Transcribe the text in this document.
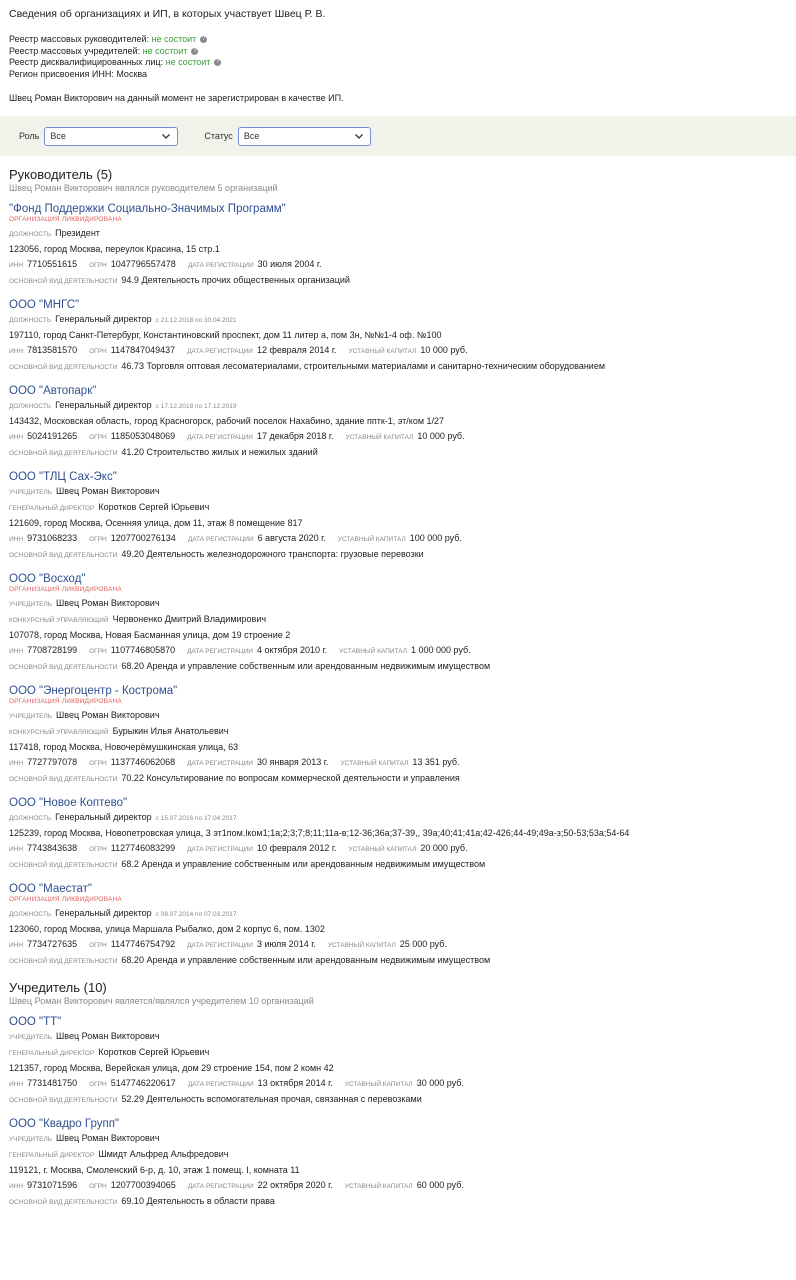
Сведения об организациях и ИП, в которых участвует Швец Р. В.
Реестр массовых руководителей: не состоит ?
Реестр массовых учредителей: не состоит ?
Реестр дисквалифицированных лиц: не состоит ?
Регион присвоения ИНН: Москва
Швец Роман Викторович на данный момент не зарегистрирован в качестве ИП.
Роль	Все	Статус	Все
Руководитель (5)
Швец Роман Викторович являлся руководителем 5 организаций
"Фонд Поддержки Социально-Значимых Программ"
ОРГАНИЗАЦИЯ ЛИКВИДИРОВАНА
ДОЛЖНОСТЬ Президент
123056, город Москва, переулок Красина, 15 стр.1
ИНН 7710551615 ОГРН 1047796557478 ДАТА РЕГИСТРАЦИИ 30 июля 2004 г.
ОСНОВНОЙ ВИД ДЕЯТЕЛЬНОСТИ 94.9 Деятельность прочих общественных организаций
ООО "МНГС"
ДОЛЖНОСТЬ Генеральный директор с 21.12.2018 по 30.04.2021
197110, город Санкт-Петербург, Константиновский проспект, дом 11 литер а, пом 3н, №№1-4 оф. №100
ИНН 7813581570 ОГРН 1147847049437 ДАТА РЕГИСТРАЦИИ 12 февраля 2014 г. УСТАВНЫЙ КАПИТАЛ 10 000 руб.
ОСНОВНОЙ ВИД ДЕЯТЕЛЬНОСТИ 46.73 Торговля оптовая лесоматериалами, строительными материалами и санитарно-техническим оборудованием
ООО "Автопарк"
ДОЛЖНОСТЬ Генеральный директор с 17.12.2018 по 17.12.2019
143432, Московская область, город Красногорск, рабочий поселок Нахабино, здание пптк-1, эт/ком 1/27
ИНН 5024191265 ОГРН 1185053048069 ДАТА РЕГИСТРАЦИИ 17 декабря 2018 г. УСТАВНЫЙ КАПИТАЛ 10 000 руб.
ОСНОВНОЙ ВИД ДЕЯТЕЛЬНОСТИ 41.20 Строительство жилых и нежилых зданий
ООО "ТЛЦ Сах-Экс"
УЧРЕДИТЕЛЬ Швец Роман Викторович
ГЕНЕРАЛЬНЫЙ ДИРЕКТОР Коротков Сергей Юрьевич
121609, город Москва, Осенняя улица, дом 11, этаж 8 помещение 817
ИНН 9731068233 ОГРН 1207700276134 ДАТА РЕГИСТРАЦИИ 6 августа 2020 г. УСТАВНЫЙ КАПИТАЛ 100 000 руб.
ОСНОВНОЙ ВИД ДЕЯТЕЛЬНОСТИ 49.20 Деятельность железнодорожного транспорта: грузовые перевозки
ООО "Восход"
ОРГАНИЗАЦИЯ ЛИКВИДИРОВАНА
УЧРЕДИТЕЛЬ Швец Роман Викторович
КОНКУРСНЫЙ УПРАВЛЯЮЩИЙ Червоненко Дмитрий Владимирович
107078, город Москва, Новая Басманная улица, дом 19 строение 2
ИНН 7708728199 ОГРН 1107746805870 ДАТА РЕГИСТРАЦИИ 4 октября 2010 г. УСТАВНЫЙ КАПИТАЛ 1 000 000 руб.
ОСНОВНОЙ ВИД ДЕЯТЕЛЬНОСТИ 68.20 Аренда и управление собственным или арендованным недвижимым имуществом
ООО "Энергоцентр - Кострома"
ОРГАНИЗАЦИЯ ЛИКВИДИРОВАНА
УЧРЕДИТЕЛЬ Швец Роман Викторович
КОНКУРСНЫЙ УПРАВЛЯЮЩИЙ Бурыкин Илья Анатольевич
117418, город Москва, Новочерёмушкинская улица, 63
ИНН 7727797078 ОГРН 1137746062068 ДАТА РЕГИСТРАЦИИ 30 января 2013 г. УСТАВНЫЙ КАПИТАЛ 13 351 руб.
ОСНОВНОЙ ВИД ДЕЯТЕЛЬНОСТИ 70.22 Консультирование по вопросам коммерческой деятельности и управления
ООО "Новое Коптево"
ДОЛЖНОСТЬ Генеральный директор с 15.07.2016 по 17.04.2017
125239, город Москва, Новопетровская улица, 3 эт1пом.lком1;1а;2;3;7;8;11;11а-в;12-36;36а;37-39,, 39а;40;41;41а;42-426;44-49;49а-з;50-53;53а;54-64
ИНН 7743843638 ОГРН 1127746083299 ДАТА РЕГИСТРАЦИИ 10 февраля 2012 г. УСТАВНЫЙ КАПИТАЛ 20 000 руб.
ОСНОВНОЙ ВИД ДЕЯТЕЛЬНОСТИ 68.2 Аренда и управление собственным или арендованным недвижимым имуществом
ООО "Маестат"
ОРГАНИЗАЦИЯ ЛИКВИДИРОВАНА
ДОЛЖНОСТЬ Генеральный директор с 08.07.2014 по 07.03.2017
123060, город Москва, улица Маршала Рыбалко, дом 2 корпус 6, пом. 1302
ИНН 7734727635 ОГРН 1147746754792 ДАТА РЕГИСТРАЦИИ 3 июля 2014 г. УСТАВНЫЙ КАПИТАЛ 25 000 руб.
ОСНОВНОЙ ВИД ДЕЯТЕЛЬНОСТИ 68.20 Аренда и управление собственным или арендованным недвижимым имуществом
Учредитель (10)
Швец Роман Викторович является/являлся учредителем 10 организаций
ООО "ТТ"
УЧРЕДИТЕЛЬ Швец Роман Викторович
ГЕНЕРАЛЬНЫЙ ДИРЕКТОР Коротков Сергей Юрьевич
121357, город Москва, Верейская улица, дом 29 строение 154, пом 2 комн 42
ИНН 7731481750 ОГРН 5147746220617 ДАТА РЕГИСТРАЦИИ 13 октября 2014 г. УСТАВНЫЙ КАПИТАЛ 30 000 руб.
ОСНОВНОЙ ВИД ДЕЯТЕЛЬНОСТИ 52.29 Деятельность вспомогательная прочая, связанная с перевозками
ООО "Квадро Групп"
УЧРЕДИТЕЛЬ Швец Роман Викторович
ГЕНЕРАЛЬНЫЙ ДИРЕКТОР Шмидт Альфред Альфредович
119121, г. Москва, Смоленский 6-р, д. 10, этаж 1 помещ. I, комната 11
ИНН 9731071596 ОГРН 1207700394065 ДАТА РЕГИСТРАЦИИ 22 октября 2020 г. УСТАВНЫЙ КАПИТАЛ 60 000 руб.
ОСНОВНОЙ ВИД ДЕЯТЕЛЬНОСТИ 69.10 Деятельность в области права
